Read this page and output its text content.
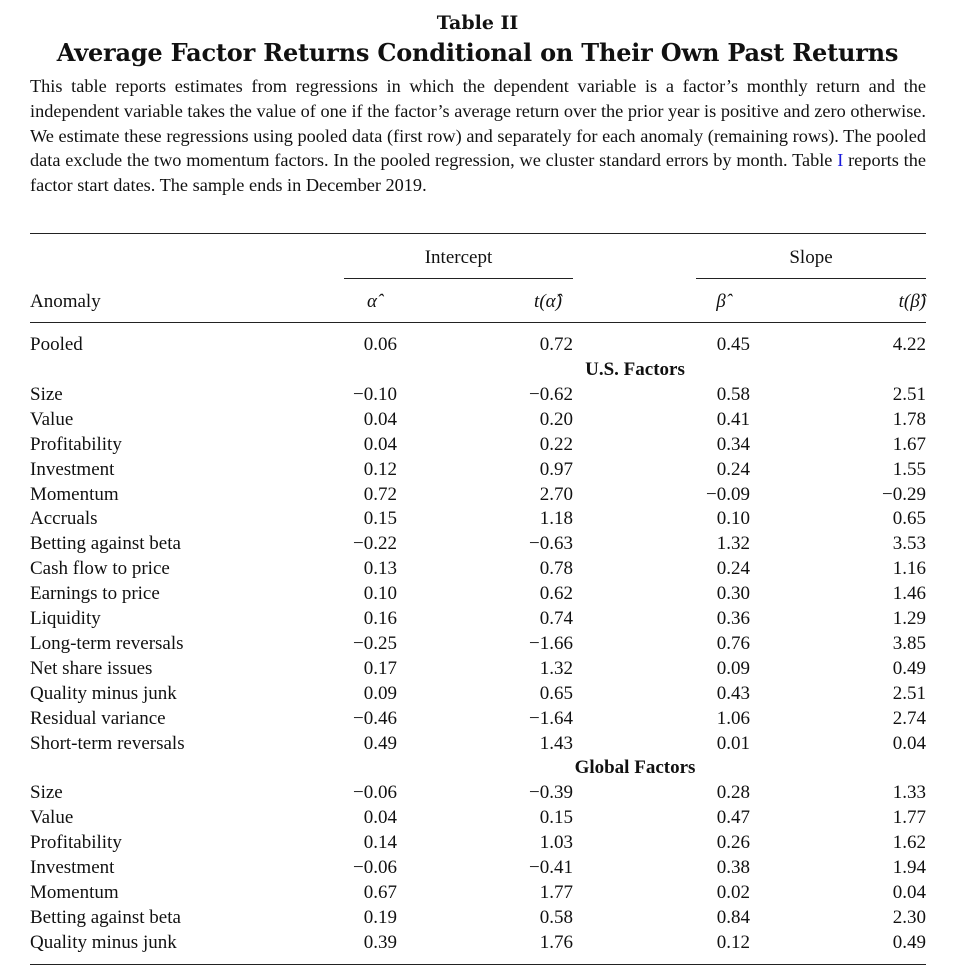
Table II
Average Factor Returns Conditional on Their Own Past Returns
This table reports estimates from regressions in which the dependent variable is a factor’s monthly return and the independent variable takes the value of one if the factor’s average return over the prior year is positive and zero otherwise. We estimate these regressions using pooled data (first row) and separately for each anomaly (remaining rows). The pooled data exclude the two momentum factors. In the pooled regression, we cluster standard errors by month. Table I reports the factor start dates. The sample ends in December 2019.
Intercept	Slope
Anomaly	α̂	t(α̂)	β̂	t(β̂)
Pooled	0.06	0.72	0.45	4.22
U.S. Factors
Size	−0.10	−0.62	0.58	2.51
Value	0.04	0.20	0.41	1.78
Profitability	0.04	0.22	0.34	1.67
Investment	0.12	0.97	0.24	1.55
Momentum	0.72	2.70	−0.09	−0.29
Accruals	0.15	1.18	0.10	0.65
Betting against beta	−0.22	−0.63	1.32	3.53
Cash flow to price	0.13	0.78	0.24	1.16
Earnings to price	0.10	0.62	0.30	1.46
Liquidity	0.16	0.74	0.36	1.29
Long-term reversals	−0.25	−1.66	0.76	3.85
Net share issues	0.17	1.32	0.09	0.49
Quality minus junk	0.09	0.65	0.43	2.51
Residual variance	−0.46	−1.64	1.06	2.74
Short-term reversals	0.49	1.43	0.01	0.04
Global Factors
Size	−0.06	−0.39	0.28	1.33
Value	0.04	0.15	0.47	1.77
Profitability	0.14	1.03	0.26	1.62
Investment	−0.06	−0.41	0.38	1.94
Momentum	0.67	1.77	0.02	0.04
Betting against beta	0.19	0.58	0.84	2.30
Quality minus junk	0.39	1.76	0.12	0.49
